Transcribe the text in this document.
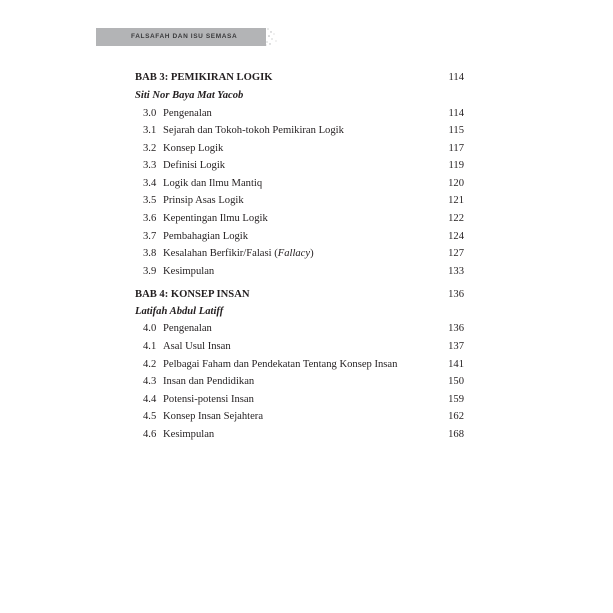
FALSAFAH DAN ISU SEMASA
BAB 3: PEMIKIRAN LOGIK	114
Siti Nor Baya Mat Yacob
3.0 Pengenalan	114
3.1 Sejarah dan Tokoh-tokoh Pemikiran Logik	115
3.2 Konsep Logik	117
3.3 Definisi Logik	119
3.4 Logik dan Ilmu Mantiq	120
3.5 Prinsip Asas Logik	121
3.6 Kepentingan Ilmu Logik	122
3.7 Pembahagian Logik	124
3.8 Kesalahan Berfikir/Falasi (Fallacy)	127
3.9 Kesimpulan	133
BAB 4: KONSEP INSAN	136
Latifah Abdul Latiff
4.0 Pengenalan	136
4.1 Asal Usul Insan	137
4.2 Pelbagai Faham dan Pendekatan Tentang Konsep Insan	141
4.3 Insan dan Pendidikan	150
4.4 Potensi-potensi Insan	159
4.5 Konsep Insan Sejahtera	162
4.6 Kesimpulan	168
